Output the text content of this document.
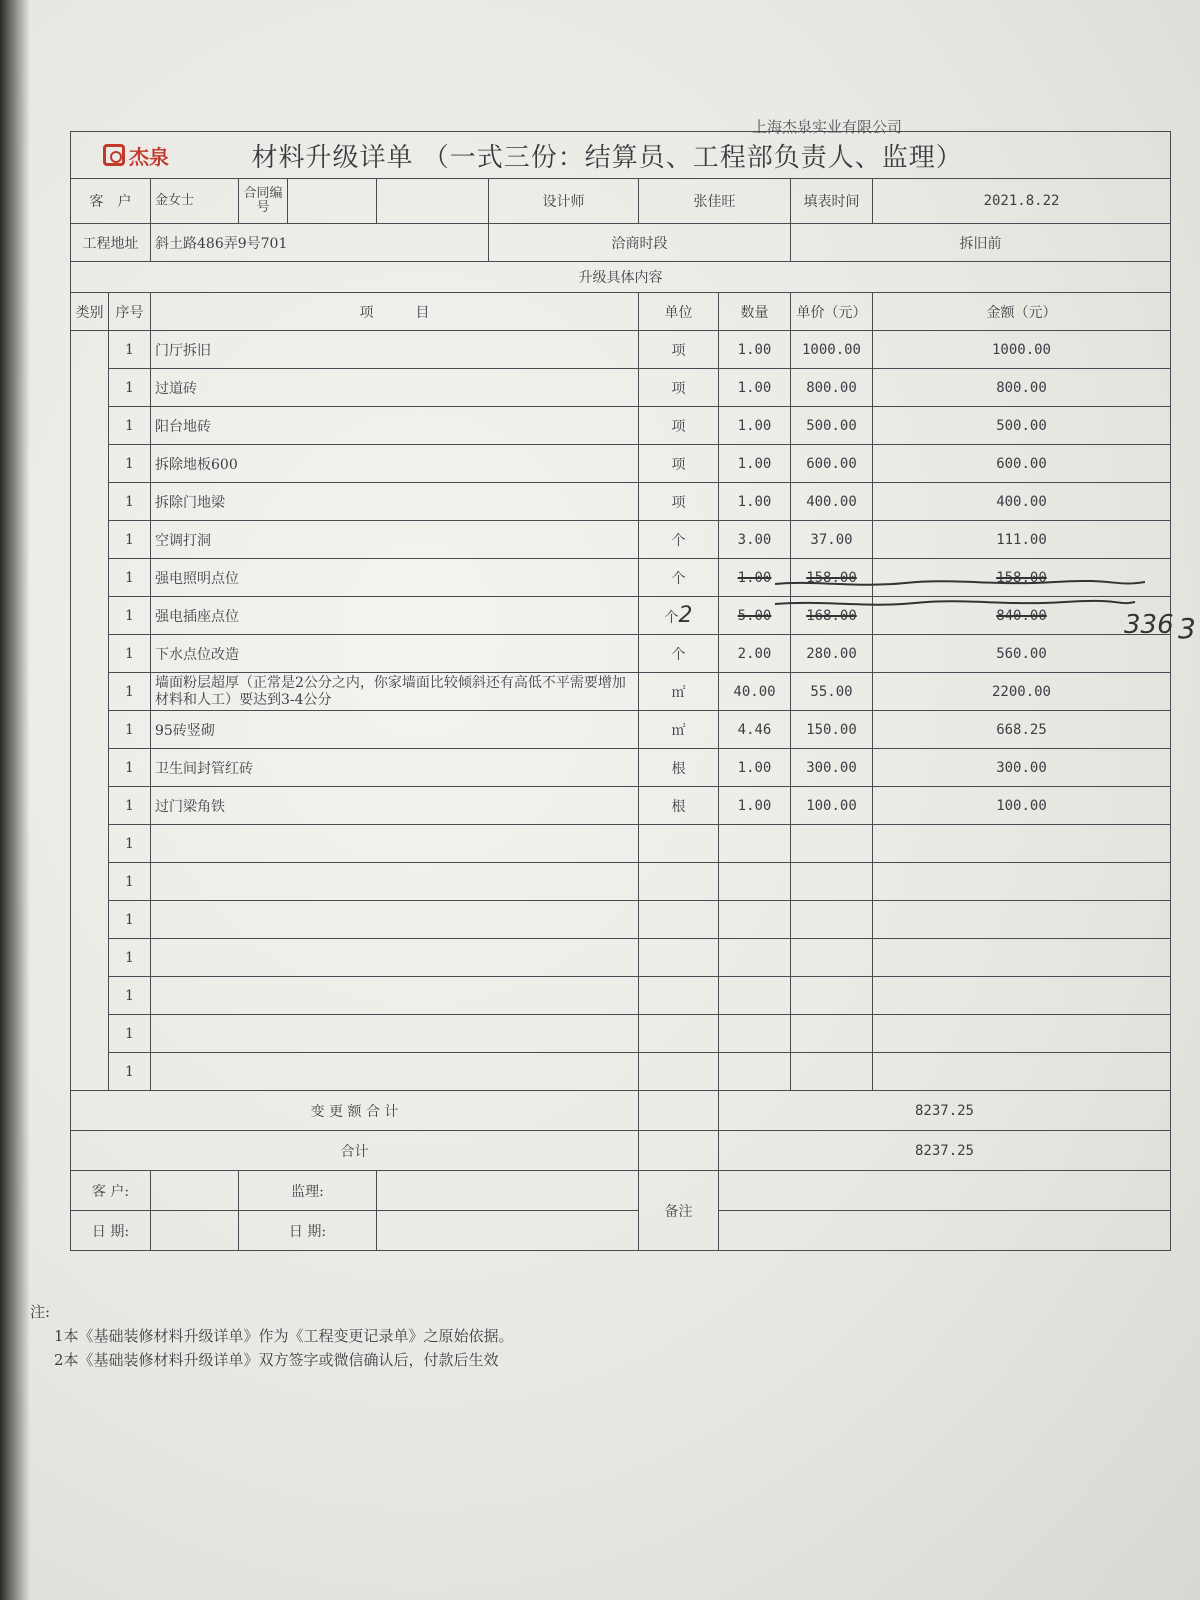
上海杰泉实业有限公司
杰泉 材料升级详单 （一式三份：结算员、工程部负责人、监理）									
客　户		金女士	合同编号		设计师	张佳旺		填表时间	2021.8.22
工程地址		斜土路486弄9号701			洽商时段			拆旧前	
升级具体内容									
类别	序号	项　　　目				单位	数量	单价（元）	金额（元）
	1	门厅拆旧				项	1.00	1000.00	1000.00
	1	过道砖				项	1.00	800.00	800.00
	1	阳台地砖				项	1.00	500.00	500.00
	1	拆除地板600				项	1.00	600.00	600.00
	1	拆除门地梁				项	1.00	400.00	400.00
	1	空调打洞				个	3.00	37.00	111.00
	1	强电照明点位				个	1.00	158.00	158.00
	1	强电插座点位				个2	5.00	168.00	840.00
	1	下水点位改造				个	2.00	280.00	560.00
	1	墙面粉层超厚（正常是2公分之内，你家墙面比较倾斜还有高低不平需要增加材料和人工）要达到3-4公分				㎡	40.00	55.00	2200.00
	1	95砖竖砌				㎡	4.46	150.00	668.25
	1	卫生间封管红砖				根	1.00	300.00	300.00
	1	过门梁角铁				根	1.00	100.00	100.00
	1								
	1								
	1								
	1								
	1								
	1								
	1								
变 更 额 合 计							8237.25		
合计							8237.25		
客 户:			监理:			备注			
日 期:			日 期:						
336 3
注:
1本《基础装修材料升级详单》作为《工程变更记录单》之原始依据。
2本《基础装修材料升级详单》双方签字或微信确认后，付款后生效
